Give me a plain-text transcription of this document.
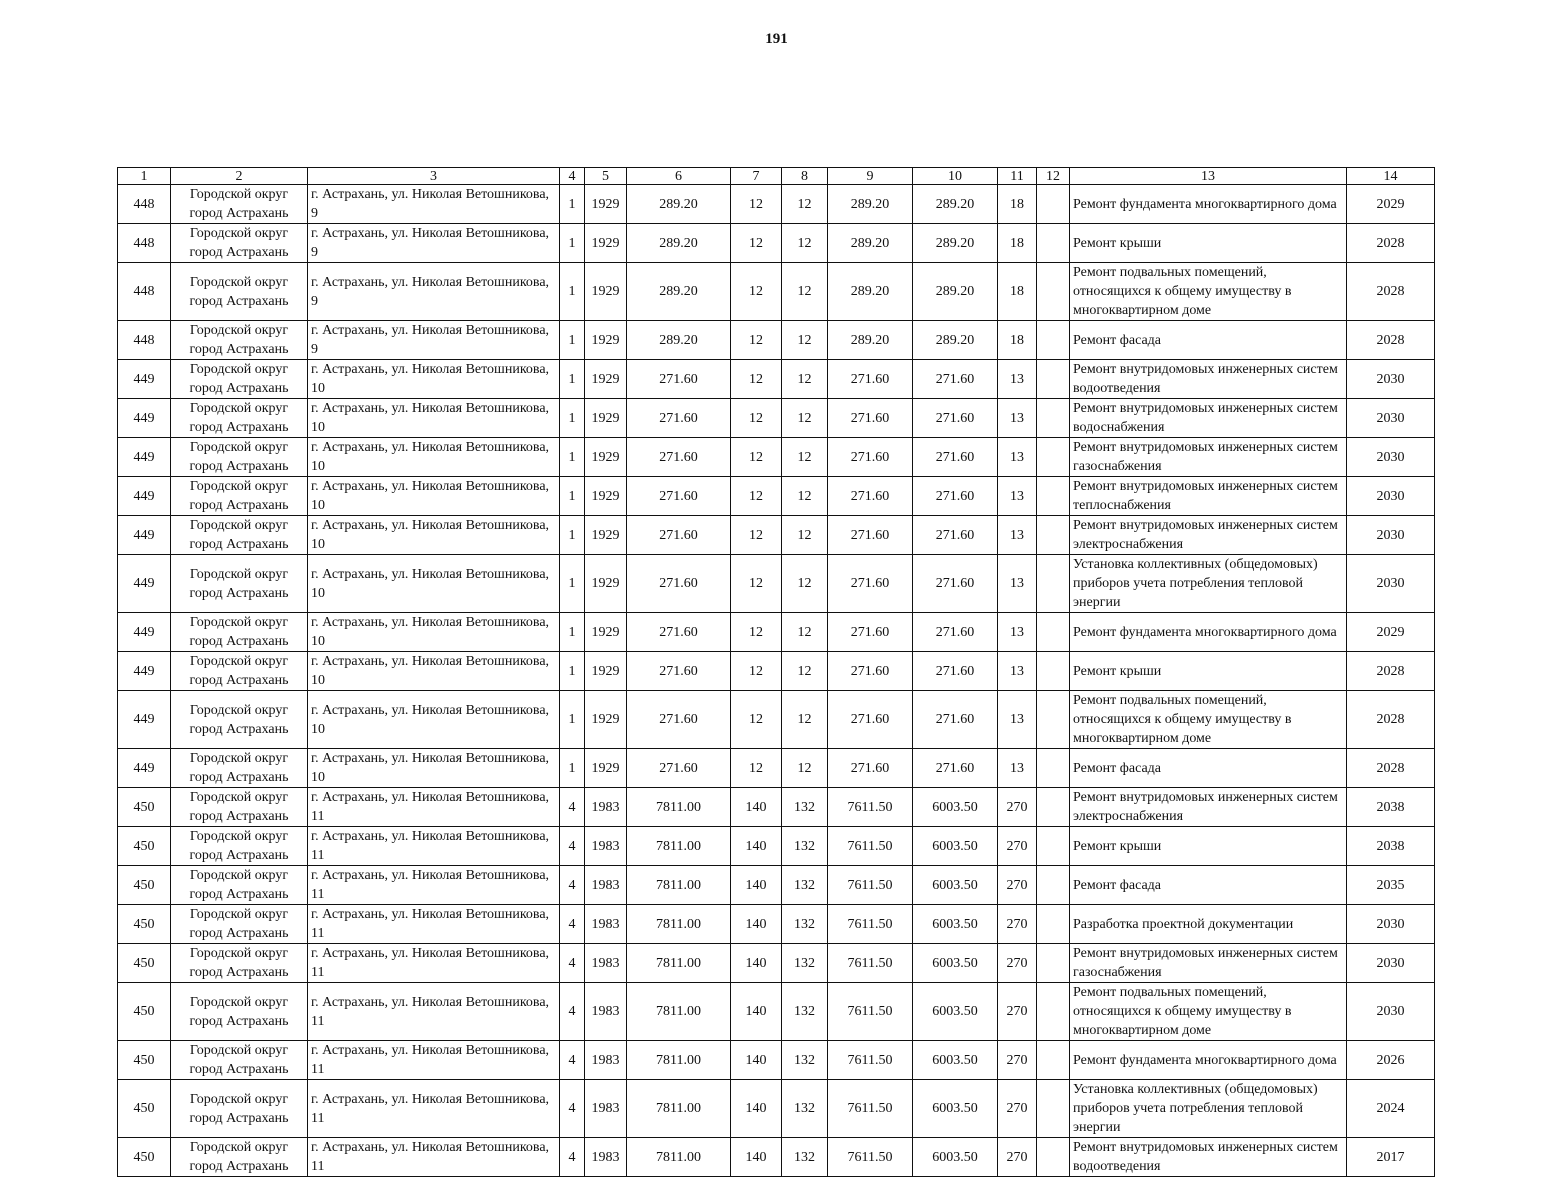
191
1	2	3	4	5	6	7	8	9	10	11	12	13	14
448	Городской округ город Астрахань	г. Астрахань, ул. Николая Ветошникова, 9	1	1929	289.20	12	12	289.20	289.20	18		Ремонт фундамента многоквартирного дома	2029
448	Городской округ город Астрахань	г. Астрахань, ул. Николая Ветошникова, 9	1	1929	289.20	12	12	289.20	289.20	18		Ремонт крыши	2028
448	Городской округ город Астрахань	г. Астрахань, ул. Николая Ветошникова, 9	1	1929	289.20	12	12	289.20	289.20	18		Ремонт подвальных помещений, относящихся к общему имуществу в многоквартирном доме	2028
448	Городской округ город Астрахань	г. Астрахань, ул. Николая Ветошникова, 9	1	1929	289.20	12	12	289.20	289.20	18		Ремонт фасада	2028
449	Городской округ город Астрахань	г. Астрахань, ул. Николая Ветошникова, 10	1	1929	271.60	12	12	271.60	271.60	13		Ремонт внутридомовых инженерных систем водоотведения	2030
449	Городской округ город Астрахань	г. Астрахань, ул. Николая Ветошникова, 10	1	1929	271.60	12	12	271.60	271.60	13		Ремонт внутридомовых инженерных систем водоснабжения	2030
449	Городской округ город Астрахань	г. Астрахань, ул. Николая Ветошникова, 10	1	1929	271.60	12	12	271.60	271.60	13		Ремонт внутридомовых инженерных систем газоснабжения	2030
449	Городской округ город Астрахань	г. Астрахань, ул. Николая Ветошникова, 10	1	1929	271.60	12	12	271.60	271.60	13		Ремонт внутридомовых инженерных систем теплоснабжения	2030
449	Городской округ город Астрахань	г. Астрахань, ул. Николая Ветошникова, 10	1	1929	271.60	12	12	271.60	271.60	13		Ремонт внутридомовых инженерных систем электроснабжения	2030
449	Городской округ город Астрахань	г. Астрахань, ул. Николая Ветошникова, 10	1	1929	271.60	12	12	271.60	271.60	13		Установка коллективных (общедомовых) приборов учета потребления тепловой энергии	2030
449	Городской округ город Астрахань	г. Астрахань, ул. Николая Ветошникова, 10	1	1929	271.60	12	12	271.60	271.60	13		Ремонт фундамента многоквартирного дома	2029
449	Городской округ город Астрахань	г. Астрахань, ул. Николая Ветошникова, 10	1	1929	271.60	12	12	271.60	271.60	13		Ремонт крыши	2028
449	Городской округ город Астрахань	г. Астрахань, ул. Николая Ветошникова, 10	1	1929	271.60	12	12	271.60	271.60	13		Ремонт подвальных помещений, относящихся к общему имуществу в многоквартирном доме	2028
449	Городской округ город Астрахань	г. Астрахань, ул. Николая Ветошникова, 10	1	1929	271.60	12	12	271.60	271.60	13		Ремонт фасада	2028
450	Городской округ город Астрахань	г. Астрахань, ул. Николая Ветошникова, 11	4	1983	7811.00	140	132	7611.50	6003.50	270		Ремонт внутридомовых инженерных систем электроснабжения	2038
450	Городской округ город Астрахань	г. Астрахань, ул. Николая Ветошникова, 11	4	1983	7811.00	140	132	7611.50	6003.50	270		Ремонт крыши	2038
450	Городской округ город Астрахань	г. Астрахань, ул. Николая Ветошникова, 11	4	1983	7811.00	140	132	7611.50	6003.50	270		Ремонт фасада	2035
450	Городской округ город Астрахань	г. Астрахань, ул. Николая Ветошникова, 11	4	1983	7811.00	140	132	7611.50	6003.50	270		Разработка проектной документации	2030
450	Городской округ город Астрахань	г. Астрахань, ул. Николая Ветошникова, 11	4	1983	7811.00	140	132	7611.50	6003.50	270		Ремонт внутридомовых инженерных систем газоснабжения	2030
450	Городской округ город Астрахань	г. Астрахань, ул. Николая Ветошникова, 11	4	1983	7811.00	140	132	7611.50	6003.50	270		Ремонт подвальных помещений, относящихся к общему имуществу в многоквартирном доме	2030
450	Городской округ город Астрахань	г. Астрахань, ул. Николая Ветошникова, 11	4	1983	7811.00	140	132	7611.50	6003.50	270		Ремонт фундамента многоквартирного дома	2026
450	Городской округ город Астрахань	г. Астрахань, ул. Николая Ветошникова, 11	4	1983	7811.00	140	132	7611.50	6003.50	270		Установка коллективных (общедомовых) приборов учета потребления тепловой энергии	2024
450	Городской округ город Астрахань	г. Астрахань, ул. Николая Ветошникова, 11	4	1983	7811.00	140	132	7611.50	6003.50	270		Ремонт внутридомовых инженерных систем водоотведения	2017
